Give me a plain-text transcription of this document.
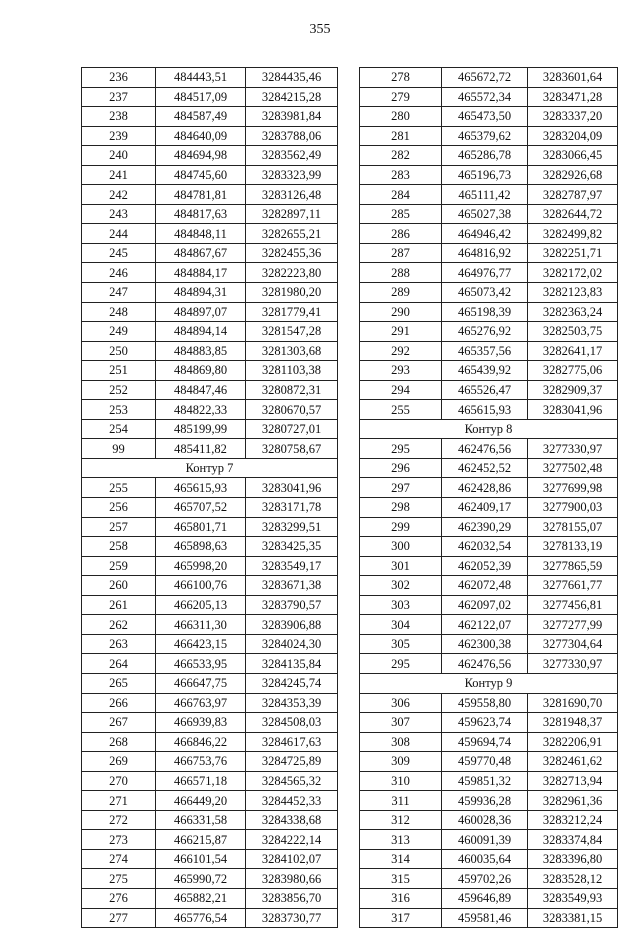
355
236	484443,51	3284435,46
237	484517,09	3284215,28
238	484587,49	3283981,84
239	484640,09	3283788,06
240	484694,98	3283562,49
241	484745,60	3283323,99
242	484781,81	3283126,48
243	484817,63	3282897,11
244	484848,11	3282655,21
245	484867,67	3282455,36
246	484884,17	3282223,80
247	484894,31	3281980,20
248	484897,07	3281779,41
249	484894,14	3281547,28
250	484883,85	3281303,68
251	484869,80	3281103,38
252	484847,46	3280872,31
253	484822,33	3280670,57
254	485199,99	3280727,01
99	485411,82	3280758,67
Контур 7		
255	465615,93	3283041,96
256	465707,52	3283171,78
257	465801,71	3283299,51
258	465898,63	3283425,35
259	465998,20	3283549,17
260	466100,76	3283671,38
261	466205,13	3283790,57
262	466311,30	3283906,88
263	466423,15	3284024,30
264	466533,95	3284135,84
265	466647,75	3284245,74
266	466763,97	3284353,39
267	466939,83	3284508,03
268	466846,22	3284617,63
269	466753,76	3284725,89
270	466571,18	3284565,32
271	466449,20	3284452,33
272	466331,58	3284338,68
273	466215,87	3284222,14
274	466101,54	3284102,07
275	465990,72	3283980,66
276	465882,21	3283856,70
277	465776,54	3283730,77
278	465672,72	3283601,64
279	465572,34	3283471,28
280	465473,50	3283337,20
281	465379,62	3283204,09
282	465286,78	3283066,45
283	465196,73	3282926,68
284	465111,42	3282787,97
285	465027,38	3282644,72
286	464946,42	3282499,82
287	464816,92	3282251,71
288	464976,77	3282172,02
289	465073,42	3282123,83
290	465198,39	3282363,24
291	465276,92	3282503,75
292	465357,56	3282641,17
293	465439,92	3282775,06
294	465526,47	3282909,37
255	465615,93	3283041,96
Контур 8		
295	462476,56	3277330,97
296	462452,52	3277502,48
297	462428,86	3277699,98
298	462409,17	3277900,03
299	462390,29	3278155,07
300	462032,54	3278133,19
301	462052,39	3277865,59
302	462072,48	3277661,77
303	462097,02	3277456,81
304	462122,07	3277277,99
305	462300,38	3277304,64
295	462476,56	3277330,97
Контур 9		
306	459558,80	3281690,70
307	459623,74	3281948,37
308	459694,74	3282206,91
309	459770,48	3282461,62
310	459851,32	3282713,94
311	459936,28	3282961,36
312	460028,36	3283212,24
313	460091,39	3283374,84
314	460035,64	3283396,80
315	459702,26	3283528,12
316	459646,89	3283549,93
317	459581,46	3283381,15
